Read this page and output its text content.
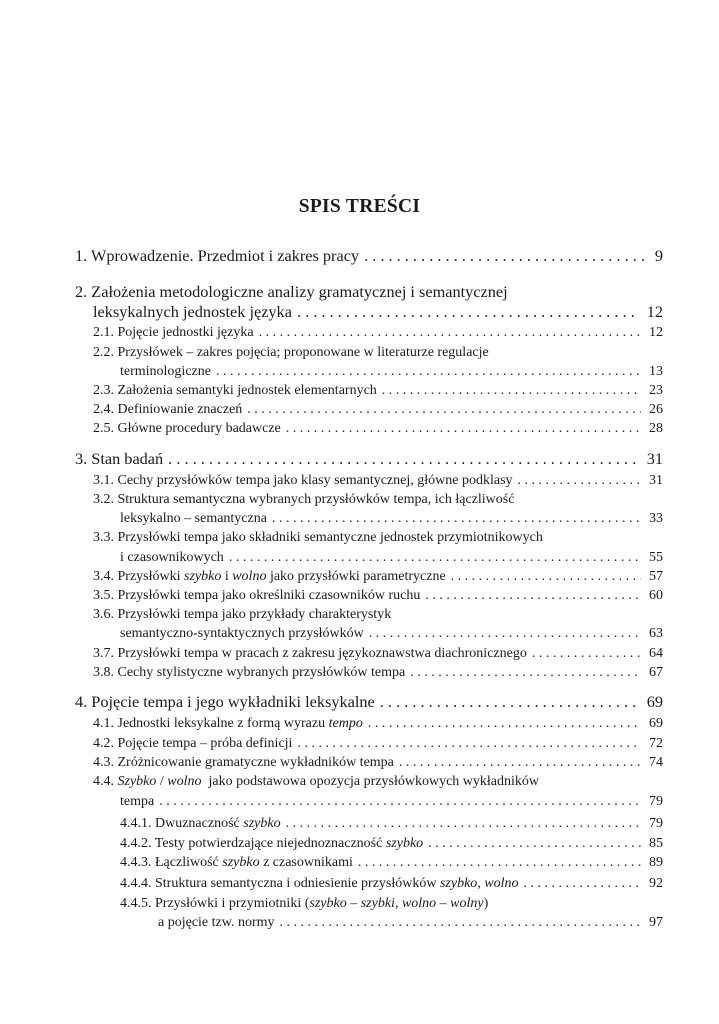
SPIS TREŚCI
1. Wprowadzenie. Przedmiot i zakres pracy . . .	9
2. Założenia metodologiczne analizy gramatycznej i semantycznej
leksykalnych jednostek języka . . .	12
2.1. Pojęcie jednostki języka . . .	12
2.2. Przysłówek – zakres pojęcia; proponowane w literaturze regulacje
terminologiczne . . .	13
2.3. Założenia semantyki jednostek elementarnych . . .	23
2.4. Definiowanie znaczeń . . .	26
2.5. Główne procedury badawcze . . .	28
3. Stan badań . . .	31
3.1. Cechy przysłówków tempa jako klasy semantycznej, główne podklasy . . .	31
3.2. Struktura semantyczna wybranych przysłówków tempa, ich łączliwość
leksykalno – semantyczna . . .	33
3.3. Przysłówki tempa jako składniki semantyczne jednostek przymiotnikowych
i czasownikowych . . .	55
3.4. Przysłówki szybko i wolno jako przysłówki parametryczne . . .	57
3.5. Przysłówki tempa jako określniki czasowników ruchu . . .	60
3.6. Przysłówki tempa jako przykłady charakterystyk
semantyczno-syntaktycznych przysłówków . . .	63
3.7. Przysłówki tempa w pracach z zakresu językoznawstwa diachronicznego . . .	64
3.8. Cechy stylistyczne wybranych przysłówków tempa . . .	67
4. Pojęcie tempa i jego wykładniki leksykalne . . .	69
4.1. Jednostki leksykalne z formą wyrazu tempo . . .	69
4.2. Pojęcie tempa – próba definicji . . .	72
4.3. Zróżnicowanie gramatyczne wykładników tempa . . .	74
4.4. Szybko / wolno  jako podstawowa opozycja przysłówkowych wykładników
tempa . . .	79
4.4.1. Dwuznaczność szybko . . .	79
4.4.2. Testy potwierdzające niejednoznaczność szybko . . .	85
4.4.3. Łączliwość szybko z czasownikami . . .	89
4.4.4. Struktura semantyczna i odniesienie przysłówków szybko, wolno . . .	92
4.4.5. Przysłówki i przymiotniki (szybko – szybki, wolno – wolny)
a pojęcie tzw. normy . . .	97
